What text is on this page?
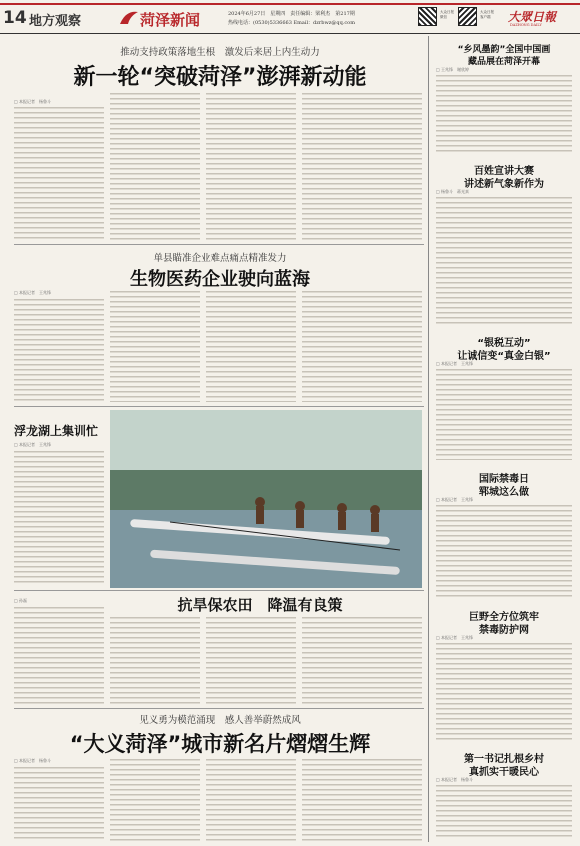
14 地方观察	菏泽新闻	2024年6月27日　星期四　责任编辑：梁利杰　第217期
热线电话：(0530)5336663 Email：dzrbwz@qq.com
大众日报微信
大众日报客户端 大眾日報
DAZHONG DAILY
推动支持政策落地生根　激发后来居上内生动力
新一轮“突破菏泽”澎湃新动能
□ 本报记者　杨鲁斗
单县瞄准企业难点痛点精准发力
生物医药企业驶向蓝海
□ 本报记者　王兆锋
浮龙湖上集训忙
□ 本报记者　王兆锋
抗旱保农田　降温有良策
□ 孙磊
见义勇为模范涌现　感人善举蔚然成风
“大义菏泽”城市新名片熠熠生辉
□ 本报记者　杨鲁斗
“乡风墨韵”全国中国画
藏品展在菏泽开幕
□ 王兆锋　谢欣婷
百姓宣讲大赛
讲述新气象新作为
□ 杨鲁斗　蒋光真
“银税互动”
让诚信变“真金白银”
□ 本报记者　王兆锋
国际禁毒日
郓城这么做
□ 本报记者　王兆锋
巨野全方位筑牢
禁毒防护网
□ 本报记者　王兆锋
第一书记扎根乡村
真抓实干暖民心
□ 本报记者　杨鲁斗
